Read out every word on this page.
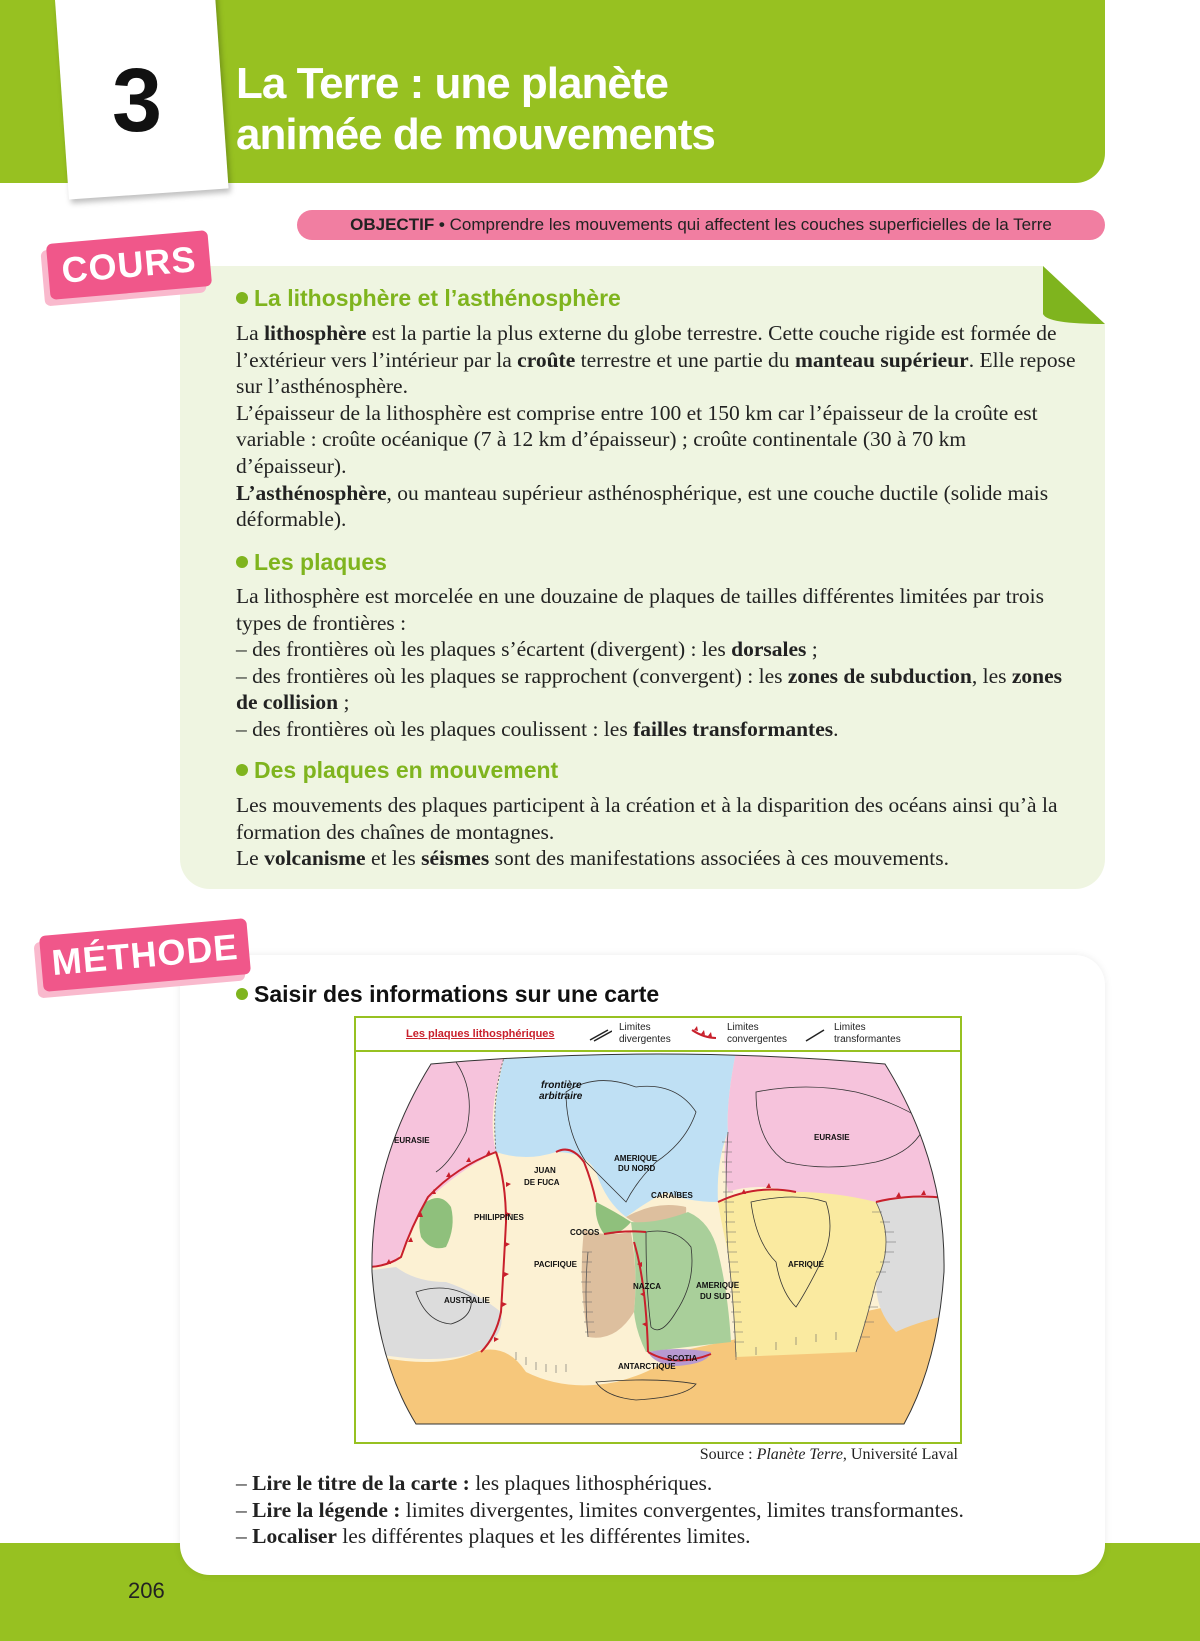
3 La Terre : une planète
animée de mouvements
OBJECTIF • Comprendre les mouvements qui affectent les couches superficielles de la Terre
COURS
La lithosphère et l’asthénosphère
La lithosphère est la partie la plus externe du globe terrestre. Cette couche rigide est formée de l’extérieur vers l’intérieur par la croûte terrestre et une partie du manteau supérieur. Elle repose sur l’asthénosphère.
L’épaisseur de la lithosphère est comprise entre 100 et 150 km car l’épaisseur de la croûte est variable : croûte océanique (7 à 12 km d’épaisseur) ; croûte continentale (30 à 70 km d’épaisseur).
L’asthénosphère, ou manteau supérieur asthénosphérique, est une couche ductile (solide mais déformable).
Les plaques
La lithosphère est morcelée en une douzaine de plaques de tailles différentes limitées par trois types de frontières :
– des frontières où les plaques s’écartent (divergent) : les dorsales ;
– des frontières où les plaques se rapprochent (convergent) : les zones de subduction, les zones de collision ;
– des frontières où les plaques coulissent : les failles transformantes.
Des plaques en mouvement
Les mouvements des plaques participent à la création et à la disparition des océans ainsi qu’à la formation des chaînes de montagnes.
Le volcanisme et les séismes sont des manifestations associées à ces mouvements.
MÉTHODE
Saisir des informations sur une carte
Les plaques lithosphériques
Limites
divergentes
Limites
convergentes
Limites
transformantes
frontière
arbitraire
EURASIE	EURASIE
AMERIQUE
DU NORD
JUAN
DE FUCA
CARAÏBES
PHILIPPINES
COCOS
PACIFIQUE	AFRIQUE
NAZCA	AMERIQUE
DU SUD
AUSTRALIE
SCOTIA
ANTARCTIQUE
Source : Planète Terre, Université Laval
– Lire le titre de la carte : les plaques lithosphériques.
– Lire la légende : limites divergentes, limites convergentes, limites transformantes.
– Localiser les différentes plaques et les différentes limites.
206
